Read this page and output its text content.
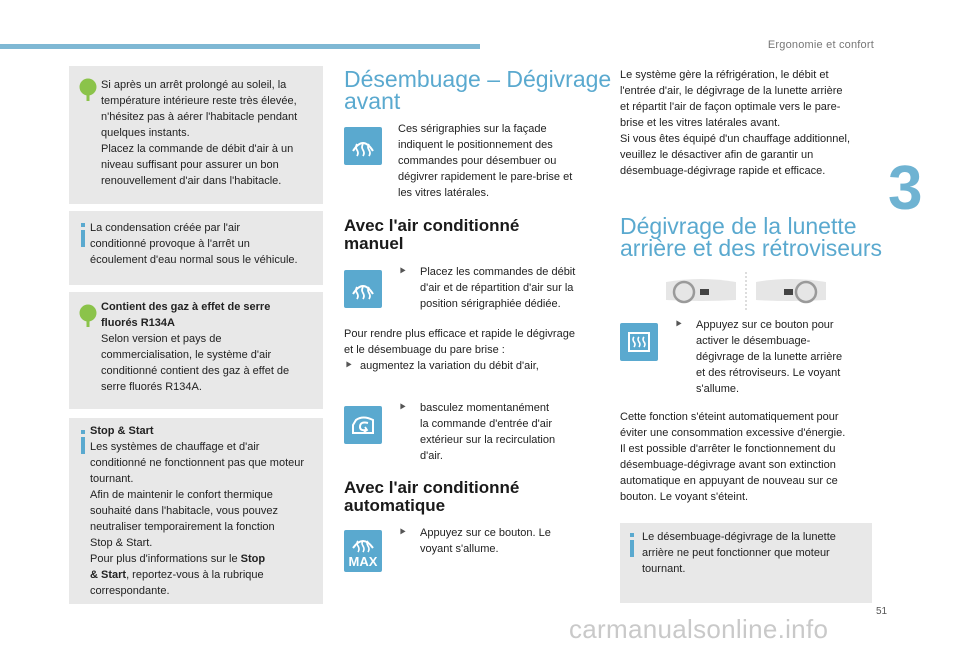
Ergonomie et confort
3
51
carmanualsonline.info

Si après un arrêt prolongé au soleil, la

température intérieure reste très élevée,

n'hésitez pas à aérer l'habitacle pendant

quelques instants.

Placez la commande de débit d'air à un

niveau suffisant pour assurer un bon

renouvellement d'air dans l'habitacle.

La condensation créée par l'air

conditionné provoque à l'arrêt un

écoulement d'eau normal sous le véhicule.

Contient des gaz à effet de serre

fluorés R134A

Selon version et pays de

commercialisation, le système d'air

conditionné contient des gaz à effet de

serre fluorés R134A.

Stop & Start

Les systèmes de chauffage et d'air

conditionné ne fonctionnent pas que moteur

tournant.

Afin de maintenir le confort thermique

souhaité dans l'habitacle, vous pouvez

neutraliser temporairement la fonction

Stop & Start.

Pour plus d'informations sur le Stop

& Start, reportez-vous à la rubrique

correspondante.

Désembuage – Dégivrage
avant

Ces sérigraphies sur la façade

indiquent le positionnement des

commandes pour désembuer ou

dégivrer rapidement le pare-brise et

les vitres latérales.

Avec l'air conditionné
manuel

⯈ Placez les commandes de débit

d'air et de répartition d'air sur la

position sérigraphiée dédiée.

Pour rendre plus efficace et rapide le dégivrage

et le désembuage du pare brise :

⯈ augmentez la variation du débit d'air,

⯈ basculez momentanément

la commande d'entrée d'air

extérieur sur la recirculation

d'air.

Avec l'air conditionné
automatique
MAX

⯈ Appuyez sur ce bouton. Le

voyant s'allume.

Le système gère la réfrigération, le débit et

l'entrée d'air, le dégivrage de la lunette arrière

et répartit l'air de façon optimale vers le pare-

brise et les vitres latérales avant.

Si vous êtes équipé d'un chauffage additionnel,

veuillez le désactiver afin de garantir un

désembuage-dégivrage rapide et efficace.

Dégivrage de la lunette
arrière et des rétroviseurs

⯈ Appuyez sur ce bouton pour

activer le désembuage-

dégivrage de la lunette arrière

et des rétroviseurs. Le voyant

s'allume.

Cette fonction s'éteint automatiquement pour

éviter une consommation excessive d'énergie.

Il est possible d'arrêter le fonctionnement du

désembuage-dégivrage avant son extinction

automatique en appuyant de nouveau sur ce

bouton. Le voyant s'éteint.

Le désembuage-dégivrage de la lunette

arrière ne peut fonctionner que moteur

tournant.
